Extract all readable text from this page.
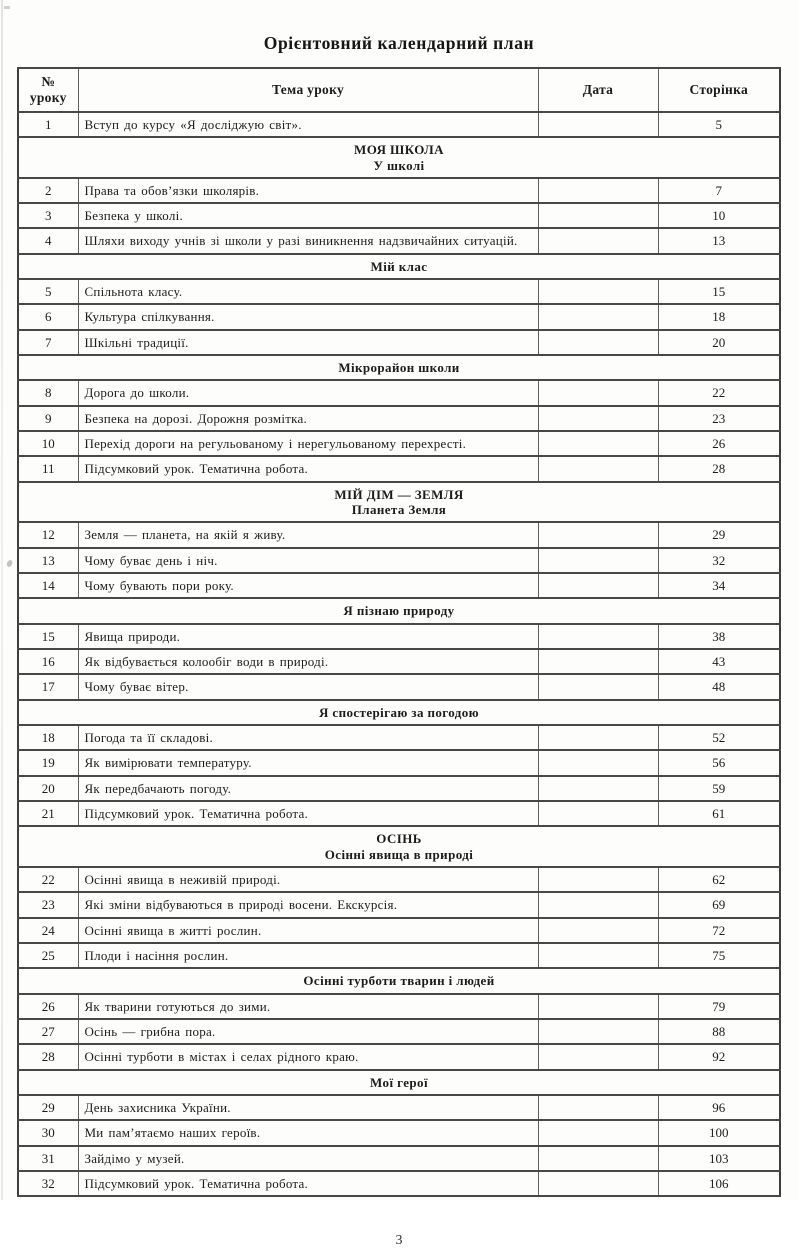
Орієнтовний календарний план
№
уроку	Тема уроку	Дата	Сторінка
1	Вступ до курсу «Я досліджую світ».		5

МОЯ ШКОЛА
У школі			

2	Права та обов’язки школярів.		7
3	Безпека у школі.		10
4	Шляхи виходу учнів зі школи у разі виникнення надзвичайних ситуацій.		13

Мій клас			

5	Спільнота класу.		15
6	Культура спілкування.		18
7	Шкільні традиції.		20

Мікрорайон школи			

8	Дорога до школи.		22
9	Безпека на дорозі. Дорожня розмітка.		23
10	Перехід дороги на регульованому і нерегульованому перехресті.		26
11	Підсумковий урок. Тематична робота.		28

МІЙ ДІМ — ЗЕМЛЯ
Планета Земля			

12	Земля — планета, на якій я живу.		29
13	Чому буває день і ніч.		32
14	Чому бувають пори року.		34

Я пізнаю природу			

15	Явища природи.		38
16	Як відбувається колообіг води в природі.		43
17	Чому буває вітер.		48

Я спостерігаю за погодою			

18	Погода та її складові.		52
19	Як вимірювати температуру.		56
20	Як передбачають погоду.		59
21	Підсумковий урок. Тематична робота.		61

ОСІНЬ
Осінні явища в природі			

22	Осінні явища в неживій природі.		62
23	Які зміни відбуваються в природі восени. Екскурсія.		69
24	Осінні явища в житті рослин.		72
25	Плоди і насіння рослин.		75

Осінні турботи тварин і людей			

26	Як тварини готуються до зими.		79
27	Осінь — грибна пора.		88
28	Осінні турботи в містах і селах рідного краю.		92

Мої герої			

29	День захисника України.		96
30	Ми пам’ятаємо наших героїв.		100
31	Зайдімо у музей.		103
32	Підсумковий урок. Тематична робота.		106
3
